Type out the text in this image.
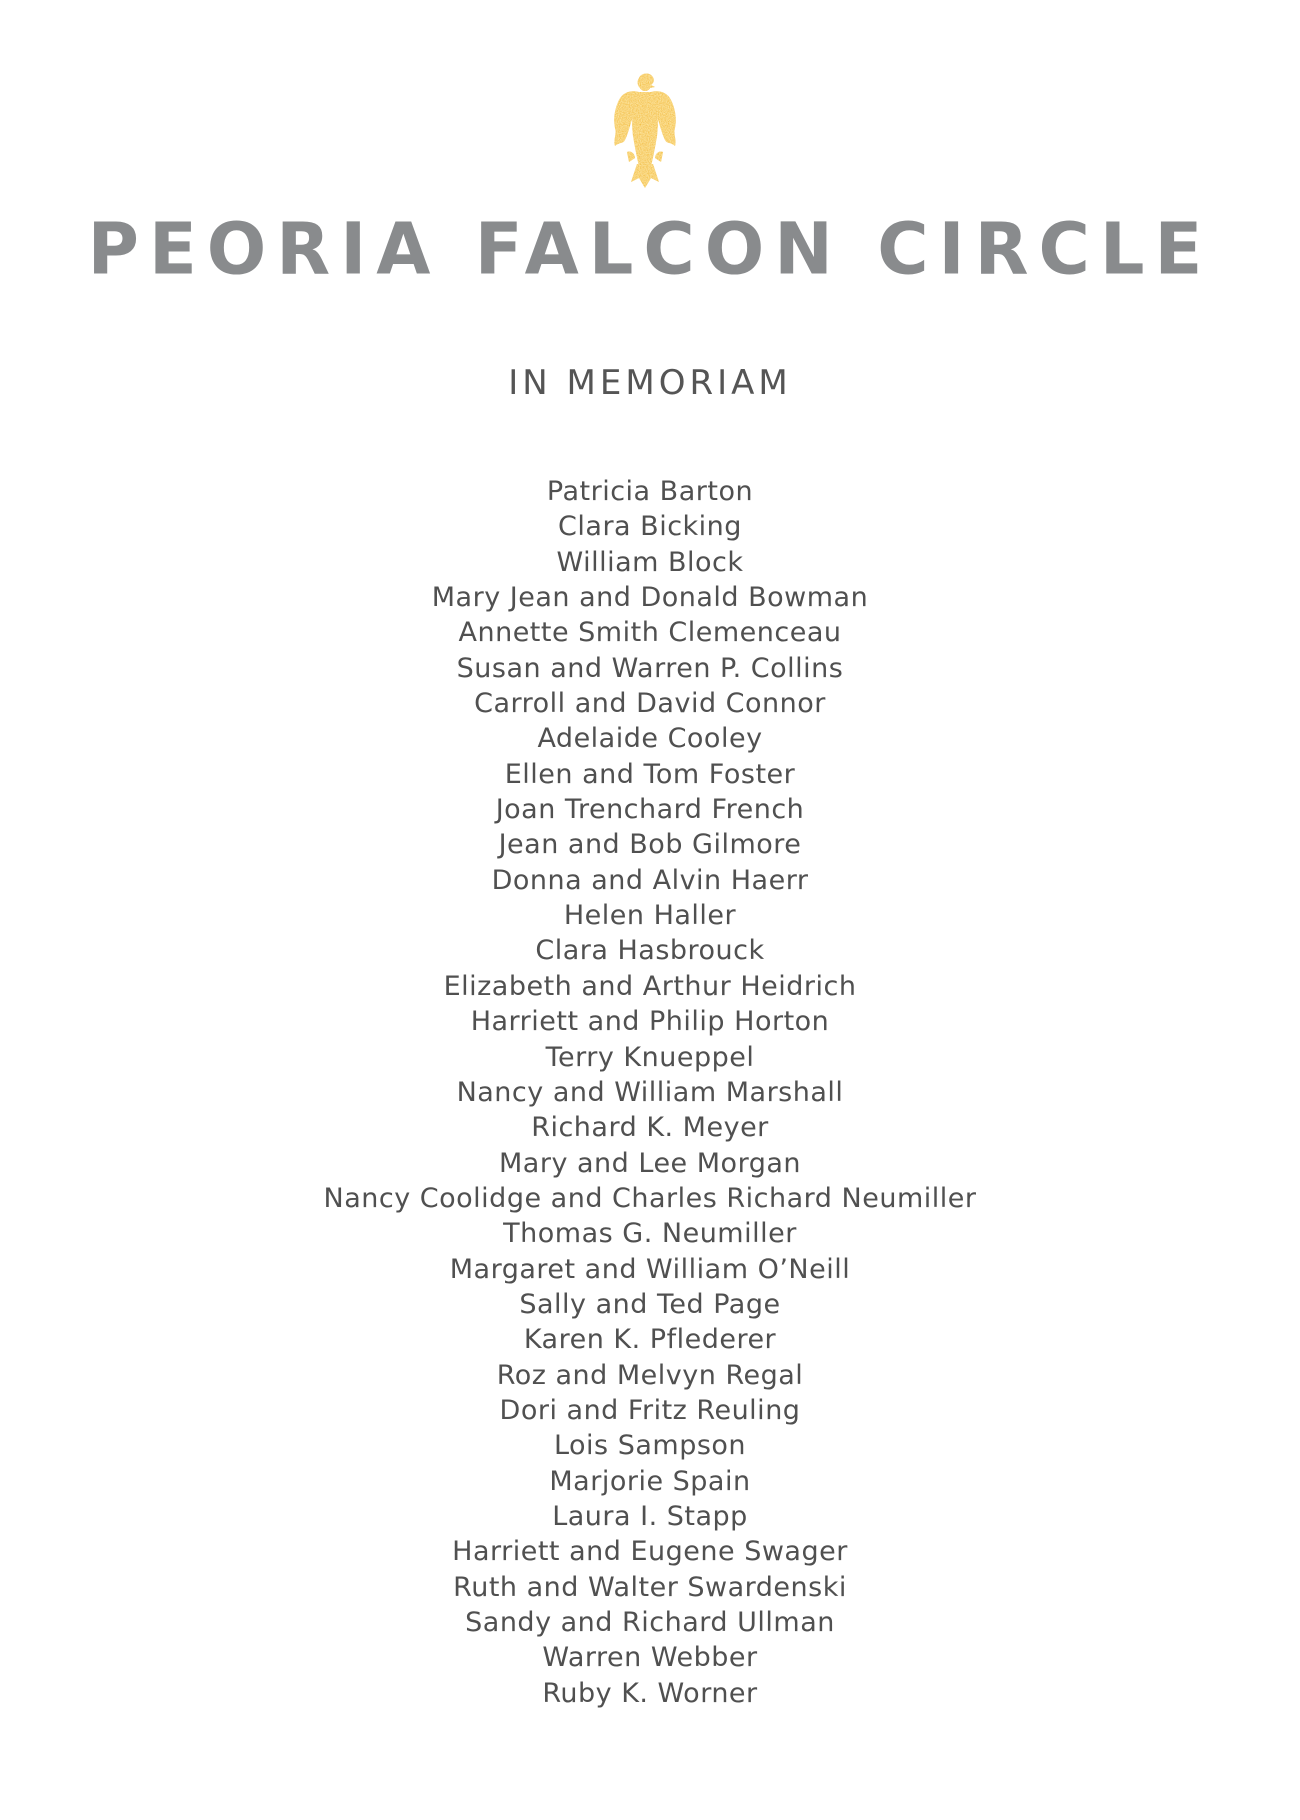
PEORIA FALCON CIRCLE
IN MEMORIAM
Patricia Barton
Clara Bicking
William Block
Mary Jean and Donald Bowman
Annette Smith Clemenceau
Susan and Warren P. Collins
Carroll and David Connor
Adelaide Cooley
Ellen and Tom Foster
Joan Trenchard French
Jean and Bob Gilmore
Donna and Alvin Haerr
Helen Haller
Clara Hasbrouck
Elizabeth and Arthur Heidrich
Harriett and Philip Horton
Terry Knueppel
Nancy and William Marshall
Richard K. Meyer
Mary and Lee Morgan
Nancy Coolidge and Charles Richard Neumiller
Thomas G. Neumiller
Margaret and William O’Neill
Sally and Ted Page
Karen K. Pflederer
Roz and Melvyn Regal
Dori and Fritz Reuling
Lois Sampson
Marjorie Spain
Laura I. Stapp
Harriett and Eugene Swager
Ruth and Walter Swardenski
Sandy and Richard Ullman
Warren Webber
Ruby K. Worner
